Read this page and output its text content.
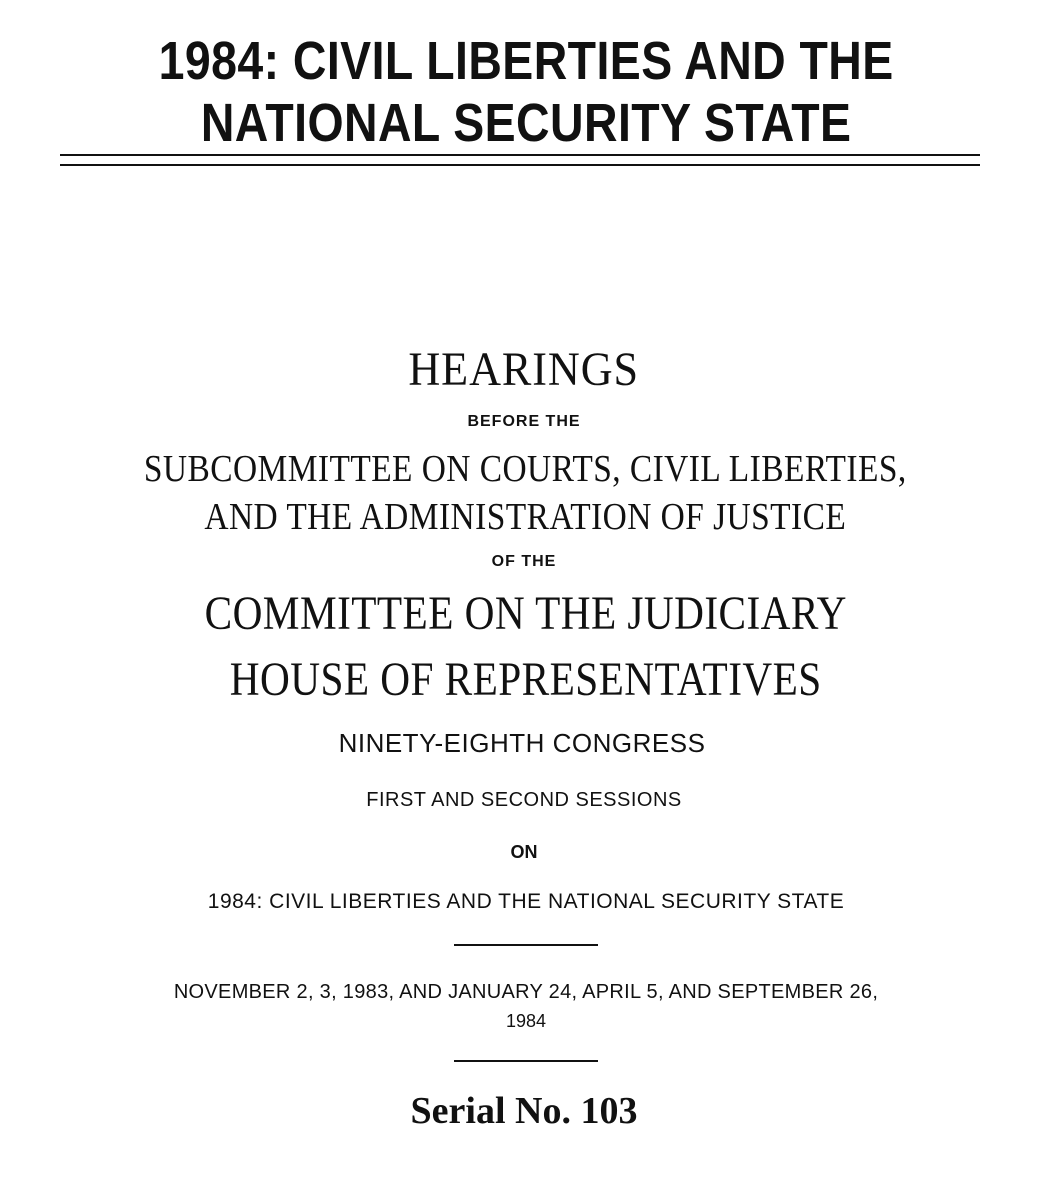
1984: CIVIL LIBERTIES AND THE
NATIONAL SECURITY STATE
HEARINGS
BEFORE THE
SUBCOMMITTEE ON COURTS, CIVIL LIBERTIES,
AND THE ADMINISTRATION OF JUSTICE
OF THE
COMMITTEE ON THE JUDICIARY
HOUSE OF REPRESENTATIVES
NINETY-EIGHTH CONGRESS
FIRST AND SECOND SESSIONS
ON
1984: CIVIL LIBERTIES AND THE NATIONAL SECURITY STATE
NOVEMBER 2, 3, 1983, AND JANUARY 24, APRIL 5, AND SEPTEMBER 26,
1984
Serial No. 103
